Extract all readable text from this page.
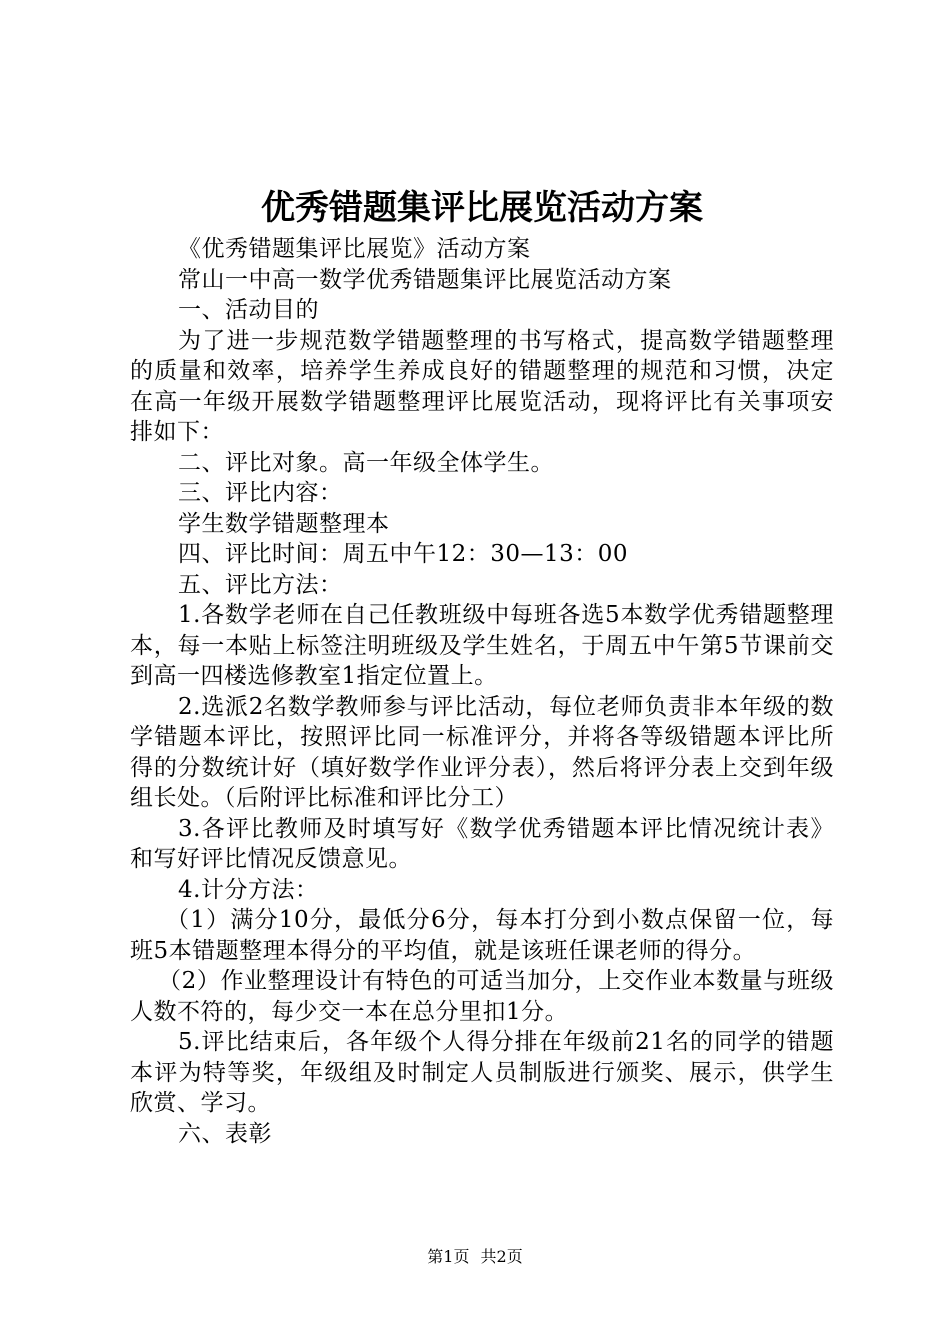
优秀错题集评比展览活动方案

《优秀错题集评比展览》活动方案

常山一中高一数学优秀错题集评比展览活动方案

一、活动目的

为了进一步规范数学错题整理的书写格式，提高数学错题整理的质量和效率，培养学生养成良好的错题整理的规范和习惯，决定在高一年级开展数学错题整理评比展览活动，现将评比有关事项安排如下：

二、评比对象。高一年级全体学生。

三、评比内容：

学生数学错题整理本

四、评比时间：周五中午12：30—13：00

五、评比方法：

1.各数学老师在自己任教班级中每班各选5本数学优秀错题整理本，每一本贴上标签注明班级及学生姓名，于周五中午第5节课前交到高一四楼选修教室1指定位置上。

2.选派2名数学教师参与评比活动，每位老师负责非本年级的数学错题本评比，按照评比同一标准评分，并将各等级错题本评比所得的分数统计好（填好数学作业评分表），然后将评分表上交到年级组长处。（后附评比标准和评比分工）

3.各评比教师及时填写好《数学优秀错题本评比情况统计表》和写好评比情况反馈意见。

4.计分方法：

（1）满分10分，最低分6分，每本打分到小数点保留一位，每班5本错题整理本得分的平均值，就是该班任课老师的得分。

（2）作业整理设计有特色的可适当加分，上交作业本数量与班级人数不符的，每少交一本在总分里扣1分。

5.评比结束后，各年级个人得分排在年级前21名的同学的错题本评为特等奖，年级组及时制定人员制版进行颁奖、展示，供学生欣赏、学习。

六、表彰

第1页 共2页
